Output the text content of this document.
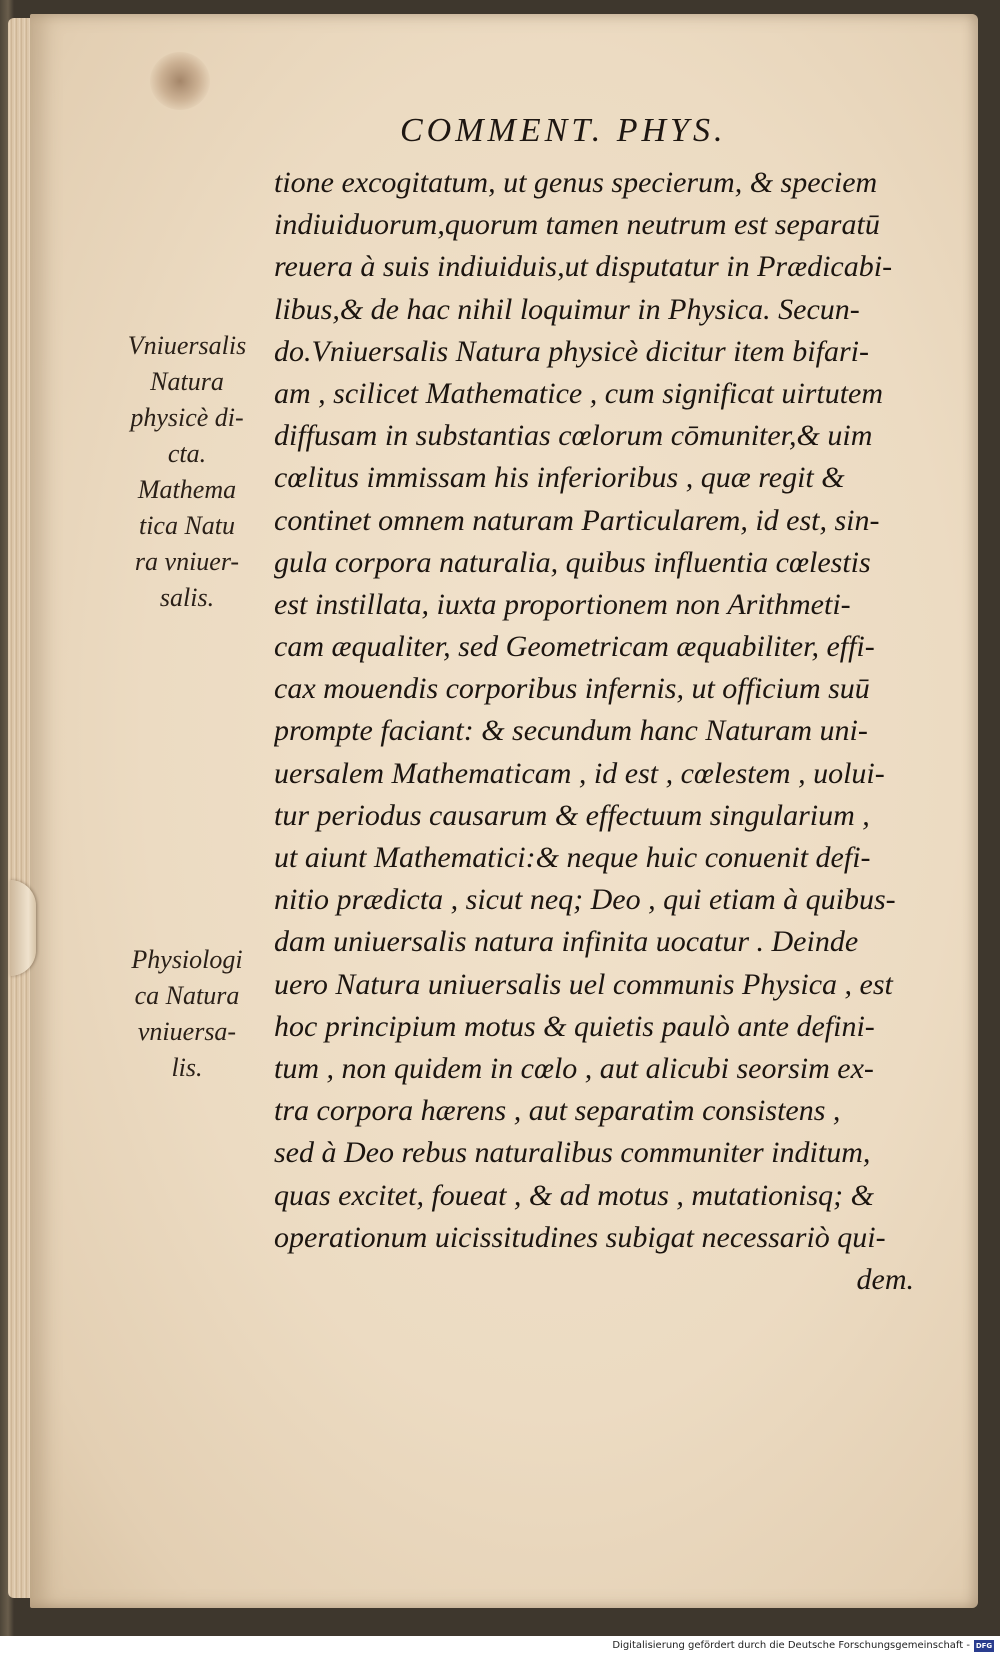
COMMENT. PHYS.
Vniuersalis
Natura
physicè di-
cta.
Mathema
tica Natu
ra vniuer-
salis.
Physiologi
ca Natura
vniuersa-
lis.
tione excogitatum, ut genus specierum, & speciem
indiuiduorum,quorum tamen neutrum est separatū
reuera à suis indiuiduis,ut disputatur in Prædicabi-
libus,& de hac nihil loquimur in Physica. Secun-
do.Vniuersalis Natura physicè dicitur item bifari-
am , scilicet Mathematice , cum significat uirtutem
diffusam in substantias cœlorum cōmuniter,& uim
cœlitus immissam his inferioribus , quæ regit &
continet omnem naturam Particularem, id est, sin-
gula corpora naturalia, quibus influentia cœlestis
est instillata, iuxta proportionem non Arithmeti-
cam æqualiter, sed Geometricam æquabiliter, effi-
cax mouendis corporibus infernis, ut officium suū
prompte faciant: & secundum hanc Naturam uni-
uersalem Mathematicam , id est , cœlestem , uolui-
tur periodus causarum & effectuum singularium ,
ut aiunt Mathematici:& neque huic conuenit defi-
nitio prædicta , sicut neq; Deo , qui etiam à quibus-
dam uniuersalis natura infinita uocatur . Deinde
uero Natura uniuersalis uel communis Physica , est
hoc principium motus & quietis paulò ante defini-
tum , non quidem in cœlo , aut alicubi seorsim ex-
tra corpora hærens , aut separatim consistens ,
sed à Deo rebus naturalibus communiter inditum,
quas excitet, foueat , & ad motus , mutationisq; &
operationum uicissitudines subigat necessariò qui-
dem.
Digitalisierung gefördert durch die Deutsche Forschungsgemeinschaft - DFG
